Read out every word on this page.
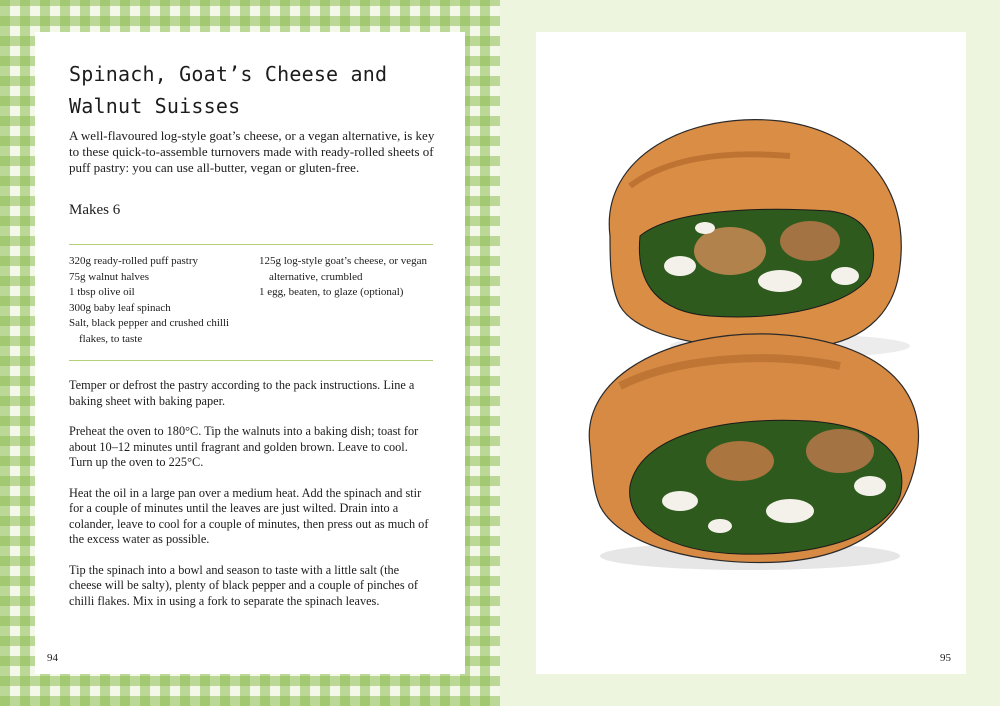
Spinach, Goat’s Cheese and
Walnut Suisses

A well-flavoured log-style goat’s cheese, or a vegan alternative, is key to these quick-to-assemble turnovers made with ready-rolled sheets of puff pastry: you can use all-butter, vegan or gluten-free.

Makes 6

320g ready-rolled puff pastry
75g walnut halves
1 tbsp olive oil
300g baby leaf spinach
Salt, black pepper and crushed chilli flakes, to taste
125g log-style goat’s cheese, or vegan alternative, crumbled
1 egg, beaten, to glaze (optional)

Temper or defrost the pastry according to the pack instructions. Line a baking sheet with baking paper.

Preheat the oven to 180°C. Tip the walnuts into a baking dish; toast for about 10–12 minutes until fragrant and golden brown. Leave to cool. Turn up the oven to 225°C.

Heat the oil in a large pan over a medium heat. Add the spinach and stir for a couple of minutes until the leaves are just wilted. Drain into a colander, leave to cool for a couple of minutes, then press out as much of the excess water as possible.

Tip the spinach into a bowl and season to taste with a little salt (the cheese will be salty), plenty of black pepper and a couple of pinches of chilli flakes. Mix in using a fork to separate the spinach leaves.

94	95
